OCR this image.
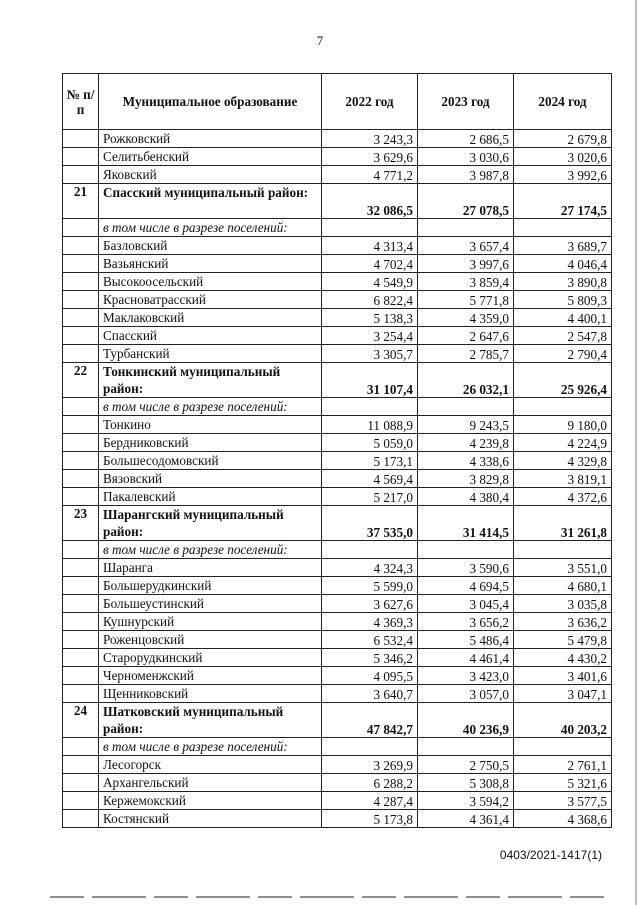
7
№ п/п	Муниципальное образование	2022 год	2023 год	2024 год
	Рожковский	3 243,3	2 686,5	2 679,8
	Селитьбенский	3 629,6	3 030,6	3 020,6
	Яковский	4 771,2	3 987,8	3 992,6
21	Спасский муниципальный район:	32 086,5	27 078,5	27 174,5
	в том числе в разрезе поселений:			
	Базловский	4 313,4	3 657,4	3 689,7
	Вазьянский	4 702,4	3 997,6	4 046,4
	Высокоосельский	4 549,9	3 859,4	3 890,8
	Красноватрасский	6 822,4	5 771,8	5 809,3
	Маклаковский	5 138,3	4 359,0	4 400,1
	Спасский	3 254,4	2 647,6	2 547,8
	Турбанский	3 305,7	2 785,7	2 790,4
22	Тонкинский муниципальный район:	31 107,4	26 032,1	25 926,4
	в том числе в разрезе поселений:			
	Тонкино	11 088,9	9 243,5	9 180,0
	Бердниковский	5 059,0	4 239,8	4 224,9
	Большесодомовский	5 173,1	4 338,6	4 329,8
	Вязовский	4 569,4	3 829,8	3 819,1
	Пакалевский	5 217,0	4 380,4	4 372,6
23	Шарангский муниципальный район:	37 535,0	31 414,5	31 261,8
	в том числе в разрезе поселений:			
	Шаранга	4 324,3	3 590,6	3 551,0
	Большерудкинский	5 599,0	4 694,5	4 680,1
	Большеустинский	3 627,6	3 045,4	3 035,8
	Кушнурский	4 369,3	3 656,2	3 636,2
	Роженцовский	6 532,4	5 486,4	5 479,8
	Старорудкинский	5 346,2	4 461,4	4 430,2
	Черноменжский	4 095,5	3 423,0	3 401,6
	Щенниковский	3 640,7	3 057,0	3 047,1
24	Шатковский муниципальный район:	47 842,7	40 236,9	40 203,2
	в том числе в разрезе поселений:			
	Лесогорск	3 269,9	2 750,5	2 761,1
	Архангельский	6 288,2	5 308,8	5 321,6
	Кержемокский	4 287,4	3 594,2	3 577,5
	Костянский	5 173,8	4 361,4	4 368,6
0403/2021-1417(1)
